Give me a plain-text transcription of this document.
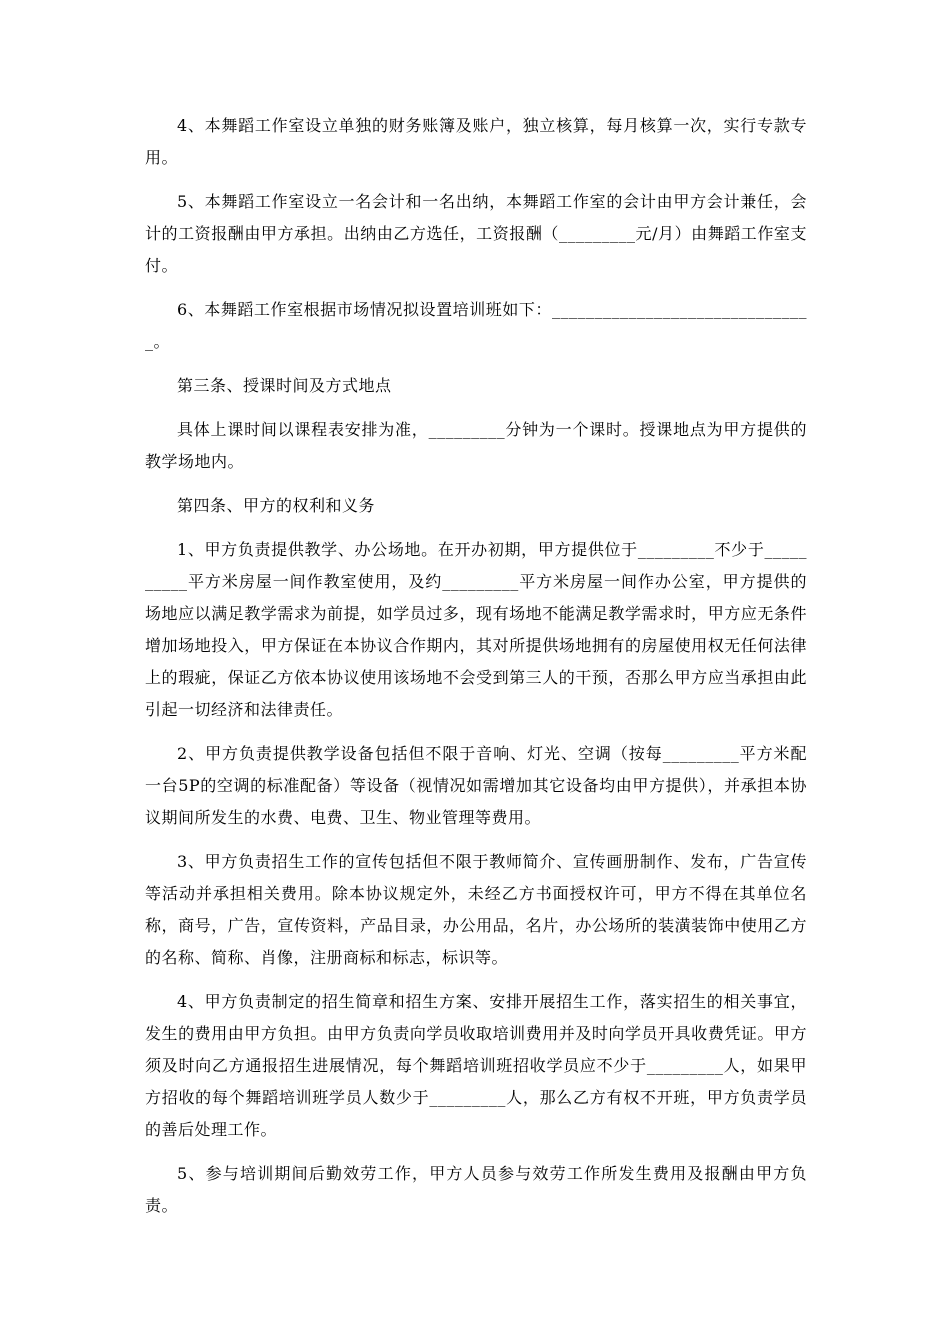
4、本舞蹈工作室设立单独的财务账簿及账户，独立核算，每月核算一次，实行专款专用。

5、本舞蹈工作室设立一名会计和一名出纳，本舞蹈工作室的会计由甲方会计兼任，会计的工资报酬由甲方承担。出纳由乙方选任，工资报酬（_________元/月）由舞蹈工作室支付。

6、本舞蹈工作室根据市场情况拟设置培训班如下：_______________________________。

第三条、授课时间及方式地点

具体上课时间以课程表安排为准，_________分钟为一个课时。授课地点为甲方提供的教学场地内。

第四条、甲方的权利和义务

1、甲方负责提供教学、办公场地。在开办初期，甲方提供位于_________不少于__________平方米房屋一间作教室使用，及约_________平方米房屋一间作办公室，甲方提供的场地应以满足教学需求为前提，如学员过多，现有场地不能满足教学需求时，甲方应无条件增加场地投入，甲方保证在本协议合作期内，其对所提供场地拥有的房屋使用权无任何法律上的瑕疵，保证乙方依本协议使用该场地不会受到第三人的干预，否那么甲方应当承担由此引起一切经济和法律责任。

2、甲方负责提供教学设备包括但不限于音响、灯光、空调（按每_________平方米配一台5P的空调的标准配备）等设备（视情况如需增加其它设备均由甲方提供），并承担本协议期间所发生的水费、电费、卫生、物业管理等费用。

3、甲方负责招生工作的宣传包括但不限于教师简介、宣传画册制作、发布，广告宣传等活动并承担相关费用。除本协议规定外，未经乙方书面授权许可，甲方不得在其单位名称，商号，广告，宣传资料，产品目录，办公用品，名片，办公场所的装潢装饰中使用乙方的名称、简称、肖像，注册商标和标志，标识等。

4、甲方负责制定的招生简章和招生方案、安排开展招生工作，落实招生的相关事宜，发生的费用由甲方负担。由甲方负责向学员收取培训费用并及时向学员开具收费凭证。甲方须及时向乙方通报招生进展情况，每个舞蹈培训班招收学员应不少于_________人，如果甲方招收的每个舞蹈培训班学员人数少于_________人，那么乙方有权不开班，甲方负责学员的善后处理工作。

5、参与培训期间后勤效劳工作，甲方人员参与效劳工作所发生费用及报酬由甲方负责。
